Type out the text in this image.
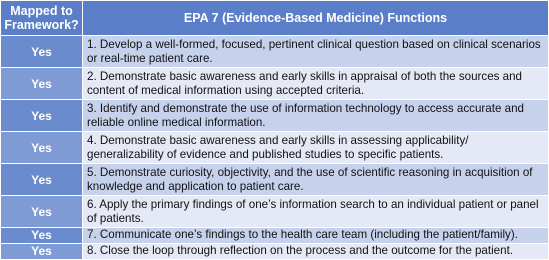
Mapped to Framework?	EPA 7 (Evidence-Based Medicine) Functions
Yes	1. Develop a well-formed, focused, pertinent clinical question based on clinical scenarios or real-time patient care.
Yes	2. Demonstrate basic awareness and early skills in appraisal of both the sources and content of medical information using accepted criteria.
Yes	3. Identify and demonstrate the use of information technology to access accurate and reliable online medical information.
Yes	4. Demonstrate basic awareness and early skills in assessing applicability/ generalizability of evidence and published studies to specific patients.
Yes	5. Demonstrate curiosity, objectivity, and the use of scientific reasoning in acquisition of knowledge and application to patient care.
Yes	6. Apply the primary findings of one’s information search to an individual patient or panel of patients.
Yes	7. Communicate one’s findings to the health care team (including the patient/family).
Yes	8. Close the loop through reflection on the process and the outcome for the patient.
